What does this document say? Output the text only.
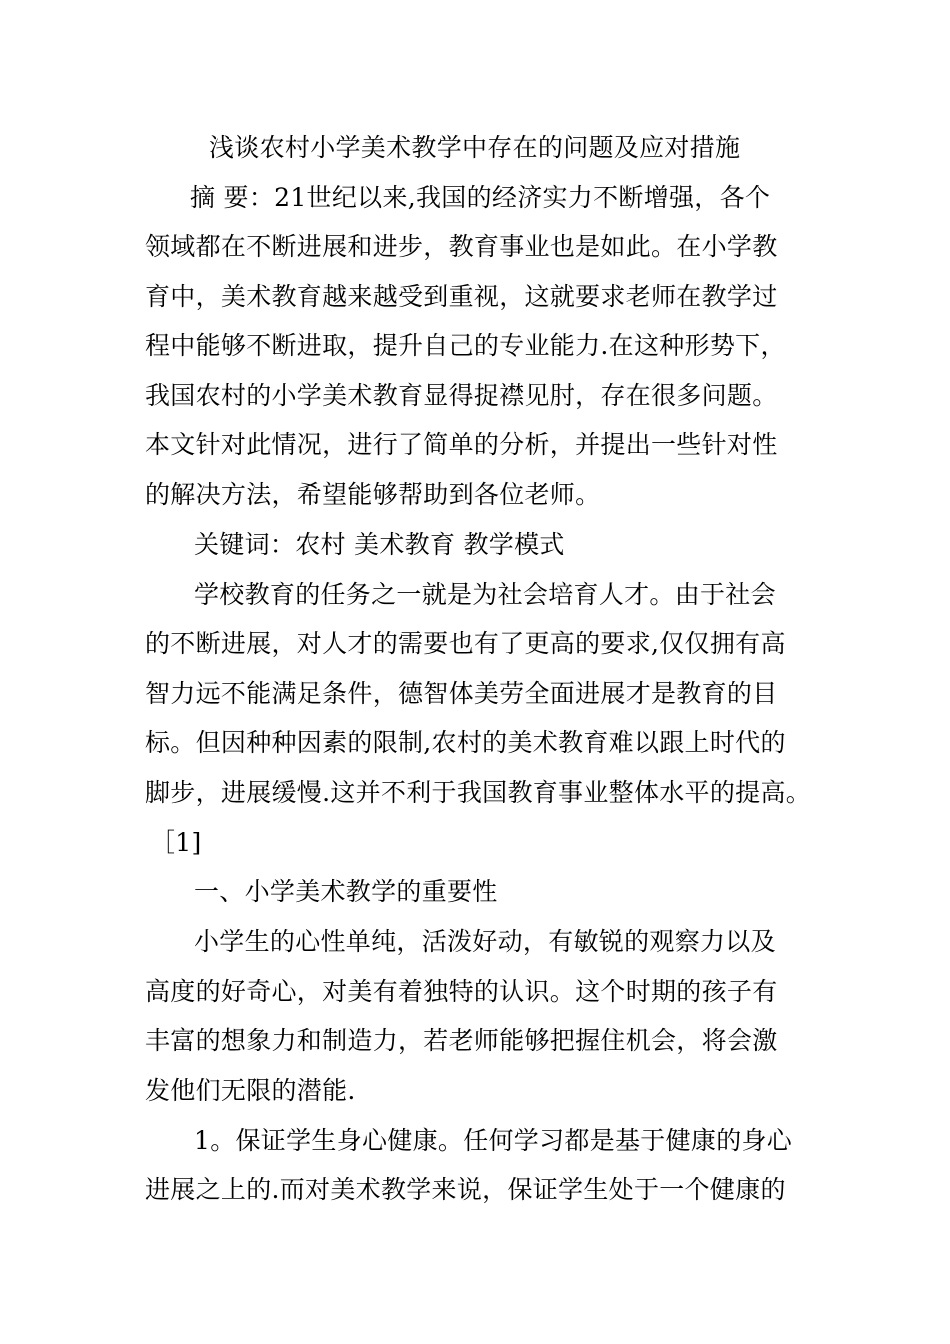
浅谈农村小学美术教学中存在的问题及应对措施
摘 要：21世纪以来,我国的经济实力不断增强，各个
领域都在不断进展和进步，教育事业也是如此。在小学教
育中，美术教育越来越受到重视，这就要求老师在教学过
程中能够不断进取，提升自己的专业能力.在这种形势下，
我国农村的小学美术教育显得捉襟见肘，存在很多问题。
本文针对此情况，进行了简单的分析，并提出一些针对性
的解决方法，希望能够帮助到各位老师。
关键词：农村 美术教育 教学模式
学校教育的任务之一就是为社会培育人才。由于社会
的不断进展，对人才的需要也有了更高的要求,仅仅拥有高
智力远不能满足条件，德智体美劳全面进展才是教育的目
标。但因种种因素的限制,农村的美术教育难以跟上时代的
脚步，进展缓慢.这并不利于我国教育事业整体水平的提高。
［1]
一、小学美术教学的重要性
小学生的心性单纯，活泼好动，有敏锐的观察力以及
高度的好奇心，对美有着独特的认识。这个时期的孩子有
丰富的想象力和制造力，若老师能够把握住机会，将会激
发他们无限的潜能.
1。保证学生身心健康。任何学习都是基于健康的身心
进展之上的.而对美术教学来说，保证学生处于一个健康的
